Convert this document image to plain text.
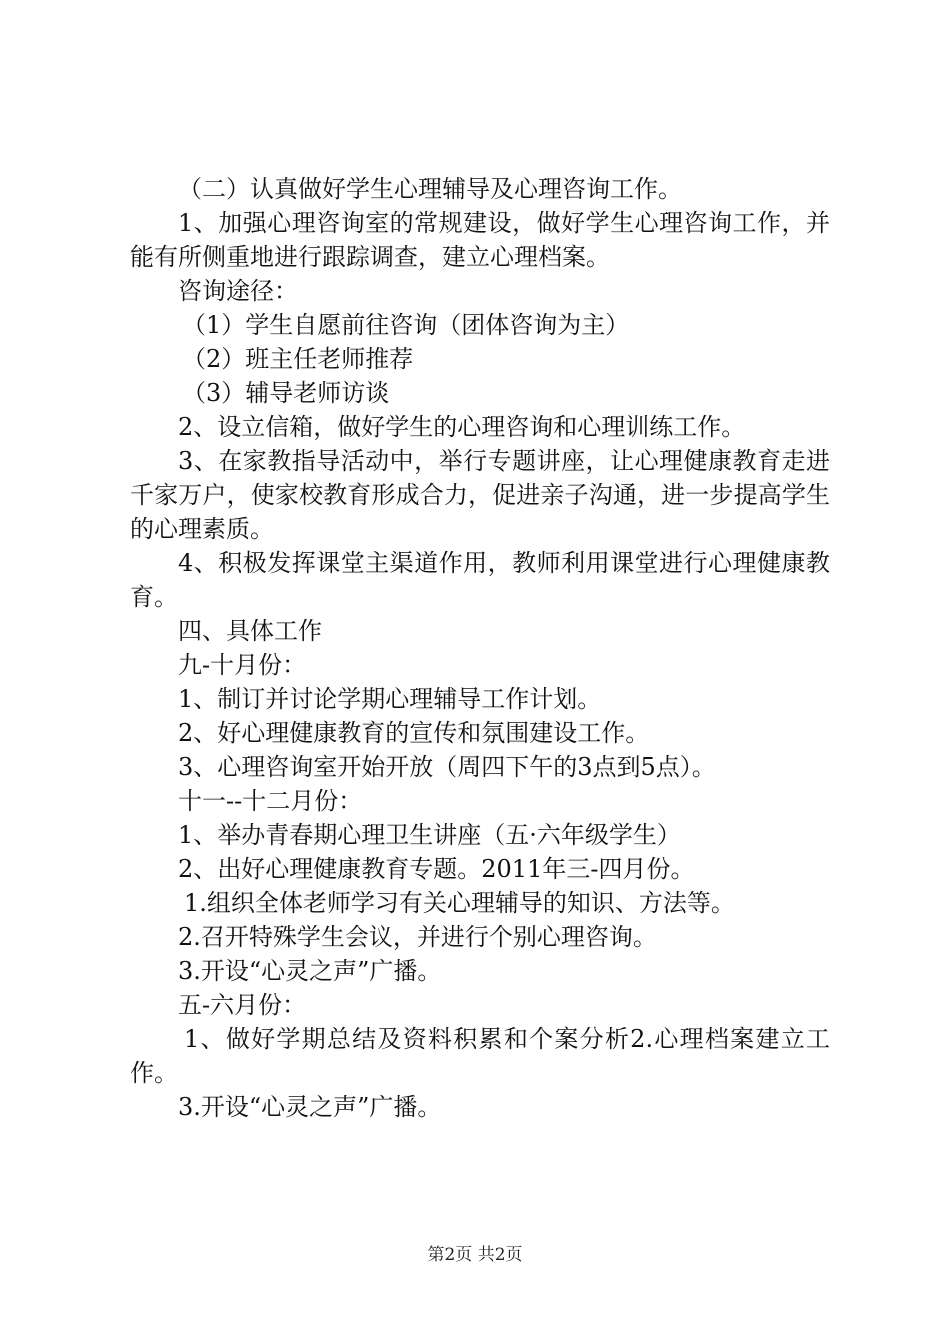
（二）认真做好学生心理辅导及心理咨询工作。

1、加强心理咨询室的常规建设，做好学生心理咨询工作，并能有所侧重地进行跟踪调查，建立心理档案。

咨询途径：

（1）学生自愿前往咨询（团体咨询为主）

（2）班主任老师推荐

（3）辅导老师访谈

2、设立信箱，做好学生的心理咨询和心理训练工作。

3、在家教指导活动中，举行专题讲座，让心理健康教育走进千家万户，使家校教育形成合力，促进亲子沟通，进一步提高学生的心理素质。

4、积极发挥课堂主渠道作用，教师利用课堂进行心理健康教育。

四、具体工作

九-十月份：

1、制订并讨论学期心理辅导工作计划。

2、好心理健康教育的宣传和氛围建设工作。

3、心理咨询室开始开放（周四下午的3点到5点）。

十一--十二月份：

1、举办青春期心理卫生讲座（五·六年级学生）

2、出好心理健康教育专题。2011年三-四月份。

1.组织全体老师学习有关心理辅导的知识、方法等。

2.召开特殊学生会议，并进行个别心理咨询。

3.开设“心灵之声”广播。

五-六月份：

1、做好学期总结及资料积累和个案分析2.心理档案建立工作。

3.开设“心灵之声”广播。

第2页 共2页
